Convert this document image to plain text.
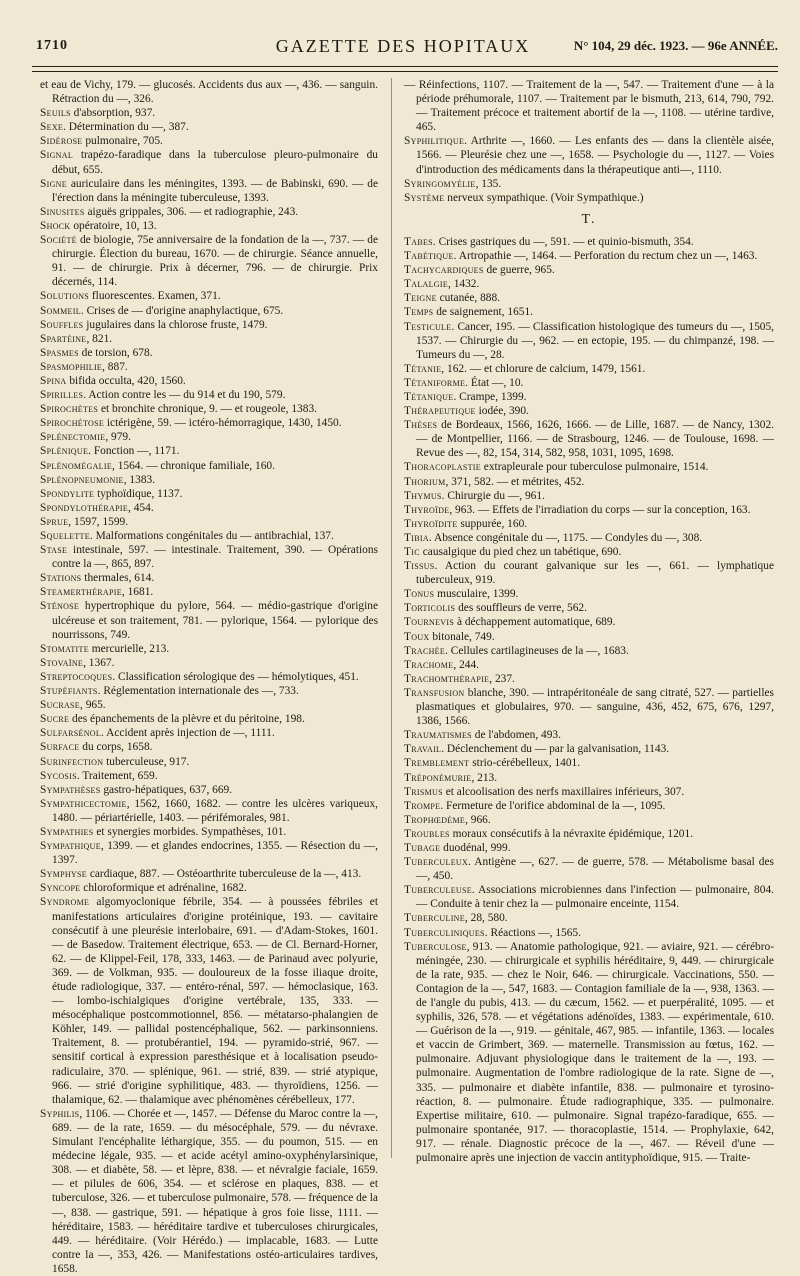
1710	GAZETTE DES HOPITAUX	N° 104, 29 déc. 1923. — 96e ANNÉE.

et eau de Vichy, 179. — glucosés. Accidents dus aux —, 436. — sanguin. Rétraction du —, 326.

Seuils d'absorption, 937.

Sexe. Détermination du —, 387.

Sidérose pulmonaire, 705.

Signal trapézo-faradique dans la tuberculose pleuro-pulmonaire du début, 655.

Signe auriculaire dans les méningites, 1393. — de Babinski, 690. — de l'érection dans la méningite tuberculeuse, 1393.

Sinusites aiguës grippales, 306. — et radiographie, 243.

Shock opératoire, 10, 13.

Société de biologie, 75e anniversaire de la fondation de la —, 737. — de chirurgie. Élection du bureau, 1670. — de chirurgie. Séance annuelle, 91. — de chirurgie. Prix à décerner, 796. — de chirurgie. Prix décernés, 114.

Solutions fluorescentes. Examen, 371.

Sommeil. Crises de — d'origine anaphylactique, 675.

Souffles jugulaires dans la chlorose fruste, 1479.

Spartéine, 821.

Spasmes de torsion, 678.

Spasmophilie, 887.

Spina bifida occulta, 420, 1560.

Spirilles. Action contre les — du 914 et du 190, 579.

Spirochètes et bronchite chronique, 9. — et rougeole, 1383.

Spirochétose ictérigène, 59. — ictéro-hémorragique, 1430, 1450.

Splénectomie, 979.

Splénique. Fonction —, 1171.

Splénomégalie, 1564. — chronique familiale, 160.

Splénopneumonie, 1383.

Spondylite typhoïdique, 1137.

Spondylothérapie, 454.

Sprue, 1597, 1599.

Squelette. Malformations congénitales du — antibrachial, 137.

Stase intestinale, 597. — intestinale. Traitement, 390. — Opérations contre la —, 865, 897.

Stations thermales, 614.

Steamerthérapie, 1681.

Sténose hypertrophique du pylore, 564. — médio-gastrique d'origine ulcéreuse et son traitement, 781. — pylorique, 1564. — pylorique des nourrissons, 749.

Stomatite mercurielle, 213.

Stovaïne, 1367.

Streptocoques. Classification sérologique des — hémolytiques, 451.

Stupéfiants. Réglementation internationale des —, 733.

Sucrase, 965.

Sucre des épanchements de la plèvre et du péritoine, 198.

Sulfarsénol. Accident après injection de —, 1111.

Surface du corps, 1658.

Surinfection tuberculeuse, 917.

Sycosis. Traitement, 659.

Sympathèses gastro-hépatiques, 637, 669.

Sympathicectomie, 1562, 1660, 1682. — contre les ulcères variqueux, 1480. — périartérielle, 1403. — périfémorales, 981.

Sympathies et synergies morbides. Sympathèses, 101.

Sympathique, 1399. — et glandes endocrines, 1355. — Résection du —, 1397.

Symphyse cardiaque, 887. — Ostéoarthrite tuberculeuse de la —, 413.

Syncope chloroformique et adrénaline, 1682.

Syndrome algomyoclonique fébrile, 354. — à poussées fébriles et manifestations articulaires d'origine protéinique, 193. — cavitaire consécutif à une pleurésie interlobaire, 691. — d'Adam-Stokes, 1601. — de Basedow. Traitement électrique, 653. — de Cl. Bernard-Horner, 62. — de Klippel-Feil, 178, 333, 1463. — de Parinaud avec polyurie, 369. — de Volkman, 935. — douloureux de la fosse iliaque droite, étude radiologique, 337. — entéro-rénal, 597. — hémoclasique, 163. — lombo-ischialgiques d'origine vertébrale, 135, 333. — mésocéphalique postcommotionnel, 856. — métatarso-phalangien de Köhler, 149. — pallidal postencéphalique, 562. — parkinsonniens. Traitement, 8. — protubérantiel, 194. — pyramido-strié, 967. — sensitif cortical à expression paresthésique et à localisation pseudo-radiculaire, 370. — splénique, 961. — strié, 839. — strié atypique, 966. — strié d'origine syphilitique, 483. — thyroïdiens, 1256. — thalamique, 62. — thalamique avec phénomènes cérébelleux, 177.

Syphilis, 1106. — Chorée et —, 1457. — Défense du Maroc contre la —, 689. — de la rate, 1659. — du mésocéphale, 579. — du névraxe. Simulant l'encéphalite léthargique, 355. — du poumon, 515. — en médecine légale, 935. — et acide acétyl amino-oxyphénylarsinique, 308. — et diabète, 58. — et lèpre, 838. — et névralgie faciale, 1659. — et pilules de 606, 354. — et sclérose en plaques, 838. — et tuberculose, 326. — et tuberculose pulmonaire, 578. — fréquence de la —, 838. — gastrique, 591. — hépatique à gros foie lisse, 1111. — héréditaire, 1583. — héréditaire tardive et tuberculoses chirurgicales, 449. — héréditaire. (Voir Hérédo.) — implacable, 1683. — Lutte contre la —, 353, 426. — Manifestations ostéo-articulaires tardives, 1658.

— Réinfections, 1107. — Traitement de la —, 547. — Traitement d'une — à la période préhumorale, 1107. — Traitement par le bismuth, 213, 614, 790, 792. — Traitement précoce et traitement abortif de la —, 1108. — utérine tardive, 465.

Syphilitique. Arthrite —, 1660. — Les enfants des — dans la clientèle aisée, 1566. — Pleurésie chez une —, 1658. — Psychologie du —, 1127. — Voies d'introduction des médicaments dans la thérapeutique anti—, 1110.

Syringomyélie, 135.

Système nerveux sympathique. (Voir Sympathique.)

T.

Tabes. Crises gastriques du —, 591. — et quinio-bismuth, 354.

Tabétique. Artropathie —, 1464. — Perforation du rectum chez un —, 1463.

Tachycardiques de guerre, 965.

Talalgie, 1432.

Teigne cutanée, 888.

Temps de saignement, 1651.

Testicule. Cancer, 195. — Classification histologique des tumeurs du —, 1505, 1537. — Chirurgie du —, 962. — en ectopie, 195. — du chimpanzé, 198. — Tumeurs du —, 28.

Tétanie, 162. — et chlorure de calcium, 1479, 1561.

Tétaniforme. État —, 10.

Tétanique. Crampe, 1399.

Thérapeutique iodée, 390.

Thèses de Bordeaux, 1566, 1626, 1666. — de Lille, 1687. — de Nancy, 1302. — de Montpellier, 1166. — de Strasbourg, 1246. — de Toulouse, 1698. — Revue des —, 82, 154, 314, 582, 958, 1031, 1095, 1698.

Thoracoplastie extrapleurale pour tuberculose pulmonaire, 1514.

Thorium, 371, 582. — et métrites, 452.

Thymus. Chirurgie du —, 961.

Thyroïde, 963. — Effets de l'irradiation du corps — sur la conception, 163.

Thyroïdite suppurée, 160.

Tibia. Absence congénitale du —, 1175. — Condyles du —, 308.

Tic causalgique du pied chez un tabétique, 690.

Tissus. Action du courant galvanique sur les —, 661. — lymphatique tuberculeux, 919.

Tonus musculaire, 1399.

Torticolis des souffleurs de verre, 562.

Tournevis à déchappement automatique, 689.

Toux bitonale, 749.

Trachée. Cellules cartilagineuses de la —, 1683.

Trachome, 244.

Trachomthérapie, 237.

Transfusion blanche, 390. — intrapéritonéale de sang citraté, 527. — partielles plasmatiques et globulaires, 970. — sanguine, 436, 452, 675, 676, 1297, 1386, 1566.

Traumatismes de l'abdomen, 493.

Travail. Déclenchement du — par la galvanisation, 1143.

Tremblement strio-cérébelleux, 1401.

Tréponémurie, 213.

Trismus et alcoolisation des nerfs maxillaires inférieurs, 307.

Trompe. Fermeture de l'orifice abdominal de la —, 1095.

Trophœdème, 966.

Troubles moraux consécutifs à la névraxite épidémique, 1201.

Tubage duodénal, 999.

Tuberculeux. Antigène —, 627. — de guerre, 578. — Métabolisme basal des —, 450.

Tuberculeuse. Associations microbiennes dans l'infection — pulmonaire, 804. — Conduite à tenir chez la — pulmonaire enceinte, 1154.

Tuberculine, 28, 580.

Tuberculiniques. Réactions —, 1565.

Tuberculose, 913. — Anatomie pathologique, 921. — aviaire, 921. — cérébro-méningée, 230. — chirurgicale et syphilis héréditaire, 9, 449. — chirurgicale de la rate, 935. — chez le Noir, 646. — chirurgicale. Vaccinations, 550. — Contagion de la —, 547, 1683. — Contagion familiale de la —, 938, 1363. — de l'angle du pubis, 413. — du cæcum, 1562. — et puerpéralité, 1095. — et syphilis, 326, 578. — et végétations adénoïdes, 1383. — expérimentale, 610. — Guérison de la —, 919. — génitale, 467, 985. — infantile, 1363. — locales et vaccin de Grimbert, 369. — maternelle. Transmission au fœtus, 162. — pulmonaire. Adjuvant physiologique dans le traitement de la —, 193. — pulmonaire. Augmentation de l'ombre radiologique de la rate. Signe de —, 335. — pulmonaire et diabète infantile, 838. — pulmonaire et tyrosino-réaction, 8. — pulmonaire. Étude radiographique, 335. — pulmonaire. Expertise militaire, 610. — pulmonaire. Signal trapézo-faradique, 655. — pulmonaire spontanée, 917. — thoracoplastie, 1514. — Prophylaxie, 642, 917. — rénale. Diagnostic précoce de la —, 467. — Réveil d'une — pulmonaire après une injection de vaccin antityphoïdique, 915. — Traite-
